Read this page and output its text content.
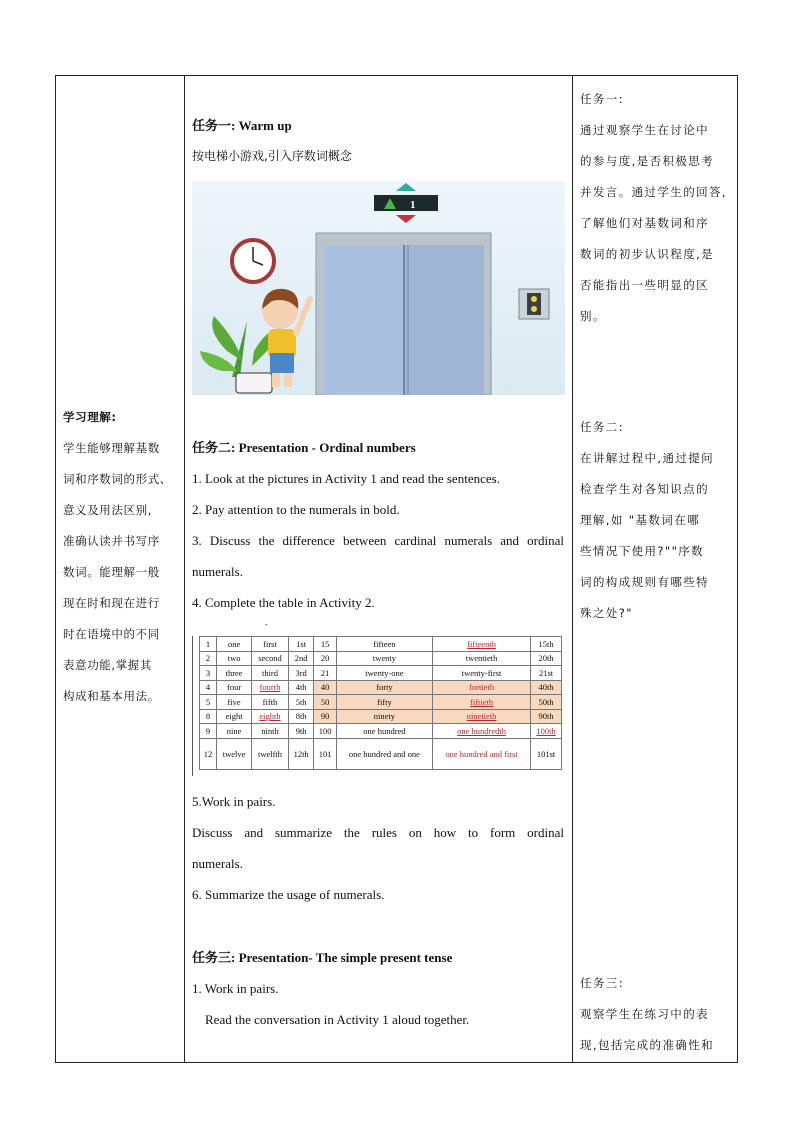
学习理解:

学生能够理解基数

词和序数词的形式、

意义及用法区别,

准确认读并书写序

数词。能理解一般

现在时和现在进行

时在语境中的不同

表意功能,掌握其

构成和基本用法。

任务一: Warm up

按电梯小游戏,引入序数词概念

1

任务二: Presentation - Ordinal numbers

1. Look at the pictures in Activity 1 and read the sentences.

2. Pay attention to the numerals in bold.

3. Discuss the difference between cardinal numerals and ordinal

numerals.

4. Complete the table in Activity 2.

-
1	one	first	1st	15	fifteen	fifteenth	15th
2	two	second	2nd	20	twenty	twentieth	20th
3	three	third	3rd	21	twenty-one	twenty-first	21st
4	four	fourth	4th	40	forty	fortieth	40th
5	five	fifth	5th	50	fifty	fiftieth	50th
8	eight	eighth	8th	90	ninety	ninetieth	90th
9	nine	ninth	9th	100	one hundred	one hundredth	100th
12	twelve	twelfth	12th	101	one hundred and one	one hundred and first	101st

5.Work in pairs.

Discuss and summarize the rules on how to form ordinal

numerals.

6. Summarize the usage of numerals.

任务三: Presentation- The simple present tense

1. Work in pairs.

Read the conversation in Activity 1 aloud together.

任务一:

通过观察学生在讨论中

的参与度,是否积极思考

并发言。通过学生的回答,

了解他们对基数词和序

数词的初步认识程度,是

否能指出一些明显的区

别。

任务二:

在讲解过程中,通过提问

检查学生对各知识点的

理解,如 "基数词在哪

些情况下使用?""序数

词的构成规则有哪些特

殊之处?"

任务三:

观察学生在练习中的表

现,包括完成的准确性和
